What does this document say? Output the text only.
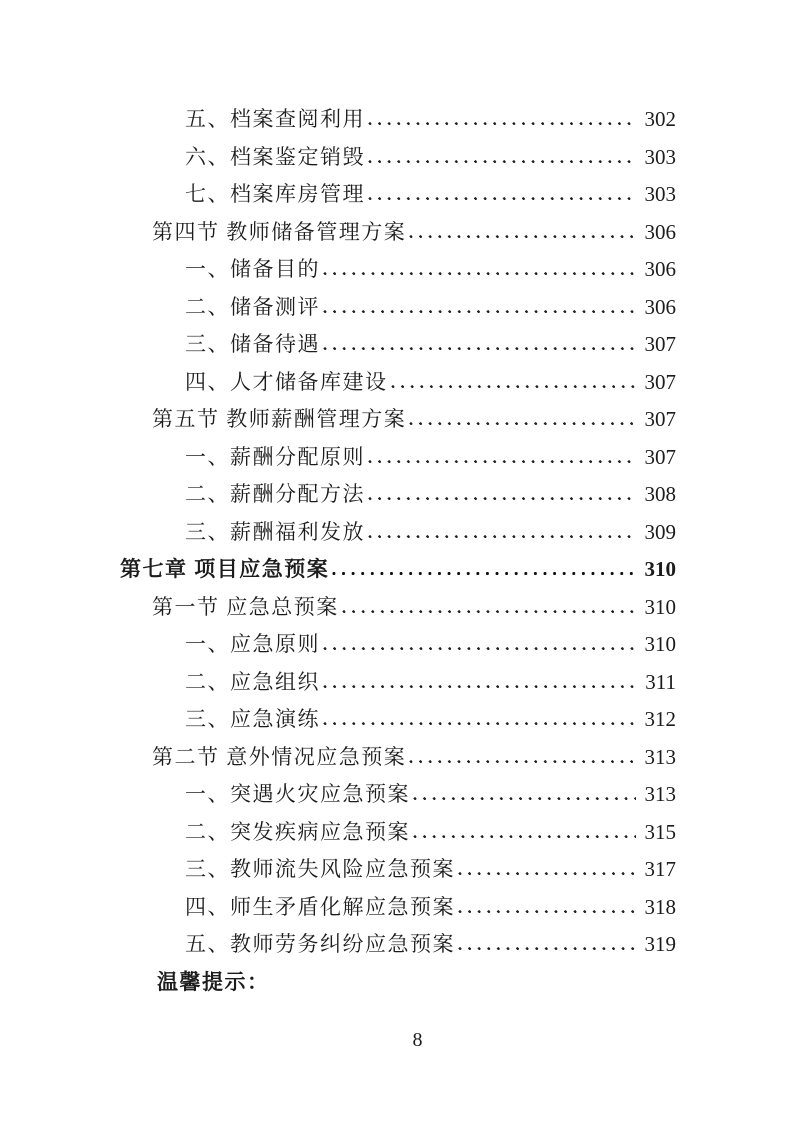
五、档案查阅利用	302
六、档案鉴定销毁	303
七、档案库房管理	303
第四节 教师储备管理方案	306
一、储备目的	306
二、储备测评	306
三、储备待遇	307
四、人才储备库建设	307
第五节 教师薪酬管理方案	307
一、薪酬分配原则	307
二、薪酬分配方法	308
三、薪酬福利发放	309
第七章 项目应急预案	310
第一节 应急总预案	310
一、应急原则	310
二、应急组织	311
三、应急演练	312
第二节 意外情况应急预案	313
一、突遇火灾应急预案	313
二、突发疾病应急预案	315
三、教师流失风险应急预案	317
四、师生矛盾化解应急预案	318
五、教师劳务纠纷应急预案	319
温馨提示：
8
